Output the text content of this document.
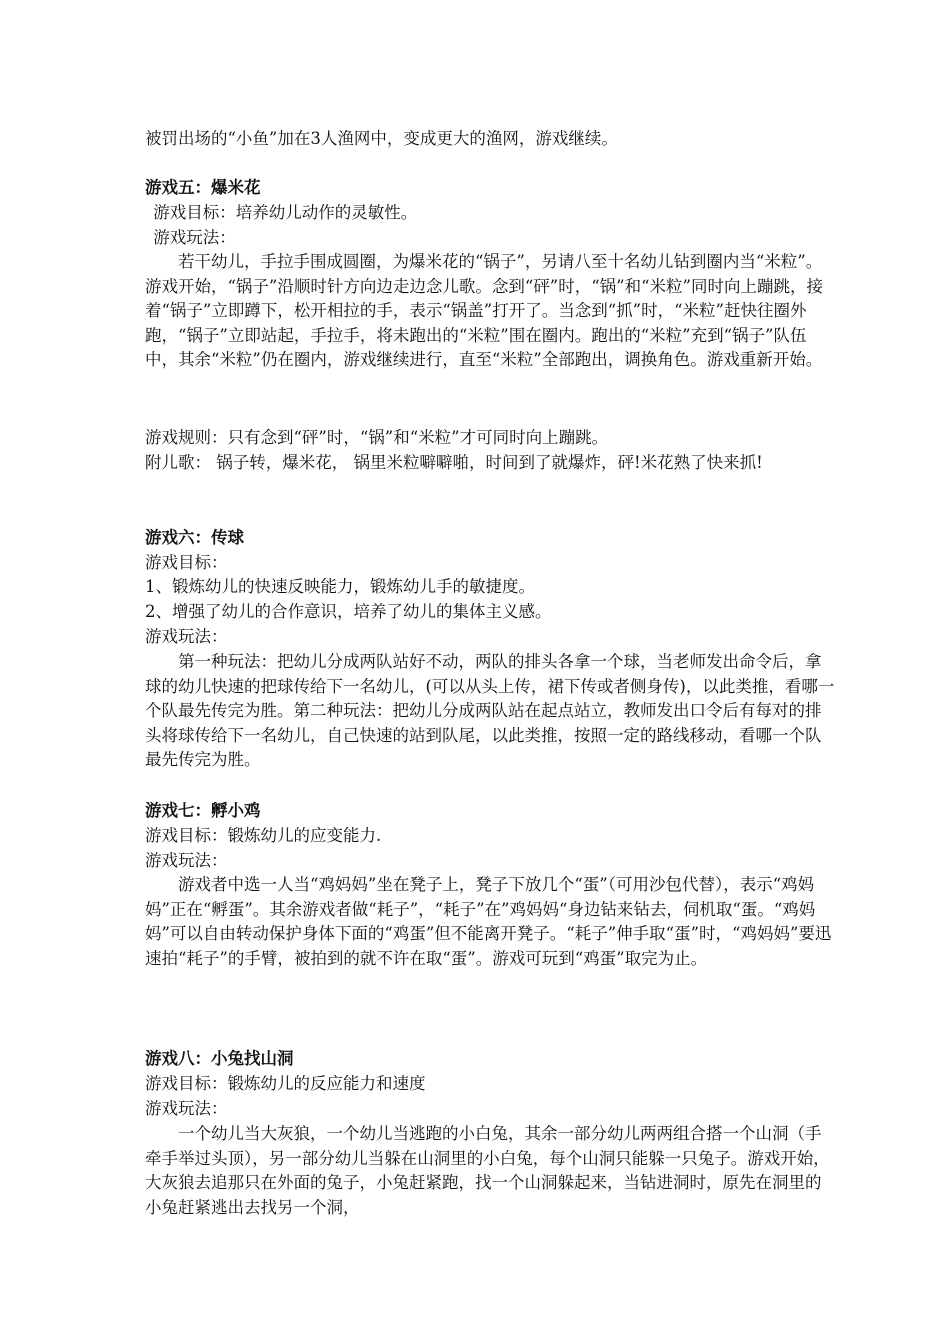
被罚出场的“小鱼”加在3人渔网中，变成更大的渔网，游戏继续。

游戏五：爆米花

游戏目标：培养幼儿动作的灵敏性。

游戏玩法：

若干幼儿，手拉手围成圆圈，为爆米花的“锅子”，另请八至十名幼儿钻到圈内当“米粒”。 游戏开始，“锅子”沿顺时针方向边走边念儿歌。念到“砰”时，“锅”和“米粒”同时向上蹦跳，接着“锅子”立即蹲下，松开相拉的手，表示“锅盖”打开了。当念到“抓”时，“米粒”赶快往圈外跑，“锅子”立即站起，手拉手，将未跑出的“米粒”围在圈内。跑出的“米粒”充到“锅子”队伍中，其余“米粒”仍在圈内，游戏继续进行，直至“米粒”全部跑出，调换角色。游戏重新开始。

游戏规则：只有念到“砰”时，“锅”和“米粒”才可同时向上蹦跳。

附儿歌： 锅子转，爆米花， 锅里米粒噼噼啪，时间到了就爆炸，砰!米花熟了快来抓!

游戏六：传球

游戏目标：

1、锻炼幼儿的快速反映能力，锻炼幼儿手的敏捷度。

2、增强了幼儿的合作意识，培养了幼儿的集体主义感。

游戏玩法：

第一种玩法：把幼儿分成两队站好不动，两队的排头各拿一个球，当老师发出命令后，拿球的幼儿快速的把球传给下一名幼儿，(可以从头上传，裙下传或者侧身传)，以此类推，看哪一个队最先传完为胜。第二种玩法：把幼儿分成两队站在起点站立，教师发出口令后有每对的排头将球传给下一名幼儿，自己快速的站到队尾，以此类推，按照一定的路线移动，看哪一个队最先传完为胜。

游戏七：孵小鸡

游戏目标：锻炼幼儿的应变能力.

游戏玩法：

游戏者中选一人当“鸡妈妈”坐在凳子上，凳子下放几个“蛋”（可用沙包代替），表示“鸡妈妈”正在“孵蛋”。其余游戏者做“耗子”，“耗子”在”鸡妈妈“身边钻来钻去，伺机取“蛋。“鸡妈妈”可以自由转动保护身体下面的“鸡蛋”但不能离开凳子。“耗子”伸手取“蛋”时，“鸡妈妈”要迅速拍“耗子”的手臂，被拍到的就不许在取“蛋”。游戏可玩到“鸡蛋”取完为止。

游戏八：小兔找山洞

游戏目标：锻炼幼儿的反应能力和速度

游戏玩法：

一个幼儿当大灰狼，一个幼儿当逃跑的小白兔，其余一部分幼儿两两组合搭一个山洞（手牵手举过头顶），另一部分幼儿当躲在山洞里的小白兔，每个山洞只能躲一只兔子。游戏开始，大灰狼去追那只在外面的兔子，小兔赶紧跑，找一个山洞躲起来，当钻进洞时，原先在洞里的小兔赶紧逃出去找另一个洞，
